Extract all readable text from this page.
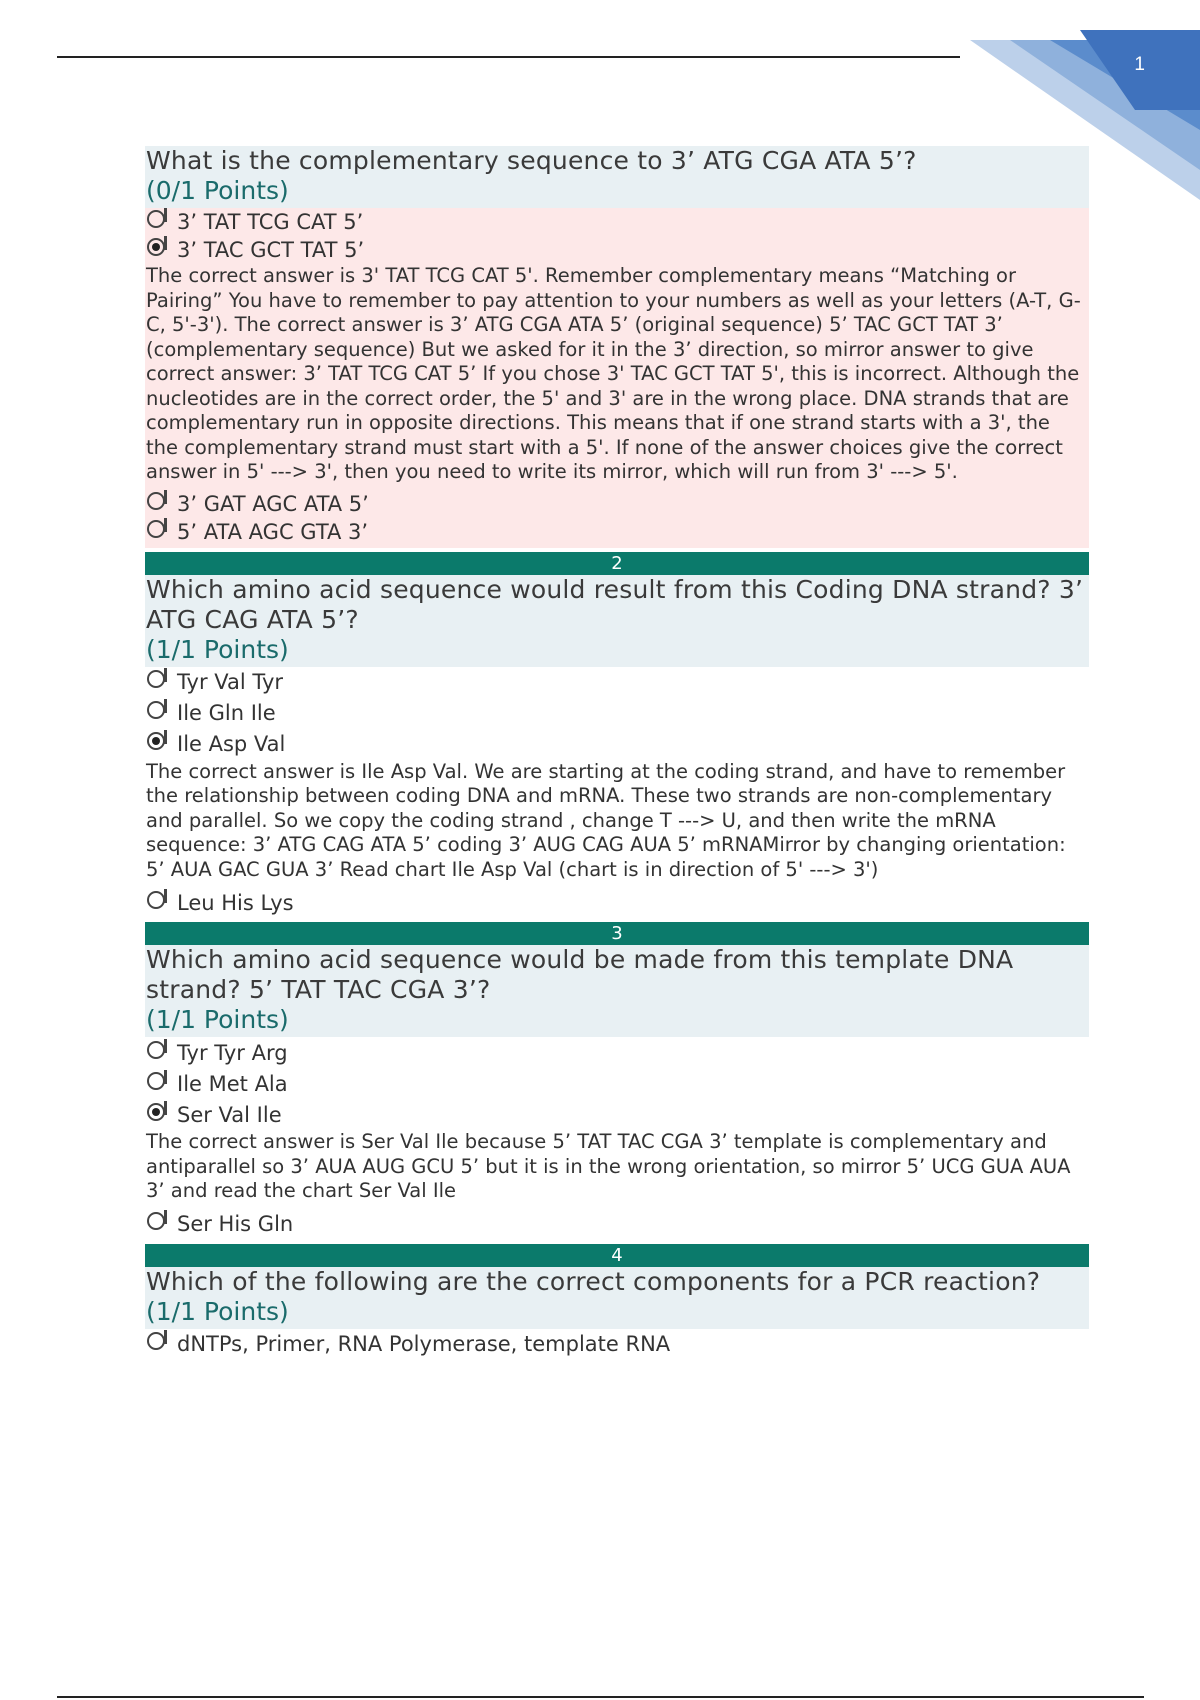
1
What is the complementary sequence to 3’ ATG CGA ATA 5’?
(0/1 Points)
3’ TAT TCG CAT 5’
3’ TAC GCT TAT 5’
The correct answer is 3' TAT TCG CAT 5'. Remember complementary means “Matching or Pairing” You have to remember to pay attention to your numbers as well as your letters (A-T, G-C, 5'-3'). The correct answer is 3’ ATG CGA ATA 5’ (original sequence) 5’ TAC GCT TAT 3’ (complementary sequence) But we asked for it in the 3’ direction, so mirror answer to give correct answer: 3’ TAT TCG CAT 5’ If you chose 3' TAC GCT TAT 5', this is incorrect. Although the nucleotides are in the correct order, the 5' and 3' are in the wrong place. DNA strands that are complementary run in opposite directions. This means that if one strand starts with a 3', the the complementary strand must start with a 5'. If none of the answer choices give the correct answer in 5' ---> 3', then you need to write its mirror, which will run from 3' ---> 5'.
3’ GAT AGC ATA 5’
5’ ATA AGC GTA 3’
2
Which amino acid sequence would result from this Coding DNA strand? 3’ ATG CAG ATA 5’?
(1/1 Points)
Tyr Val Tyr
Ile Gln Ile
Ile Asp Val
The correct answer is Ile Asp Val. We are starting at the coding strand, and have to remember the relationship between coding DNA and mRNA. These two strands are non-complementary and parallel. So we copy the coding strand , change T ---> U, and then write the mRNA sequence: 3’ ATG CAG ATA 5’ coding 3’ AUG CAG AUA 5’ mRNAMirror by changing orientation: 5’ AUA GAC GUA 3’ Read chart Ile Asp Val (chart is in direction of 5' ---> 3')
Leu His Lys
3
Which amino acid sequence would be made from this template DNA strand? 5’ TAT TAC CGA 3’?
(1/1 Points)
Tyr Tyr Arg
Ile Met Ala
Ser Val Ile
The correct answer is Ser Val Ile because 5’ TAT TAC CGA 3’ template is complementary and antiparallel so 3’ AUA AUG GCU 5’ but it is in the wrong orientation, so mirror 5’ UCG GUA AUA 3’ and read the chart Ser Val Ile
Ser His Gln
4
Which of the following are the correct components for a PCR reaction?
(1/1 Points)
dNTPs, Primer, RNA Polymerase, template RNA
